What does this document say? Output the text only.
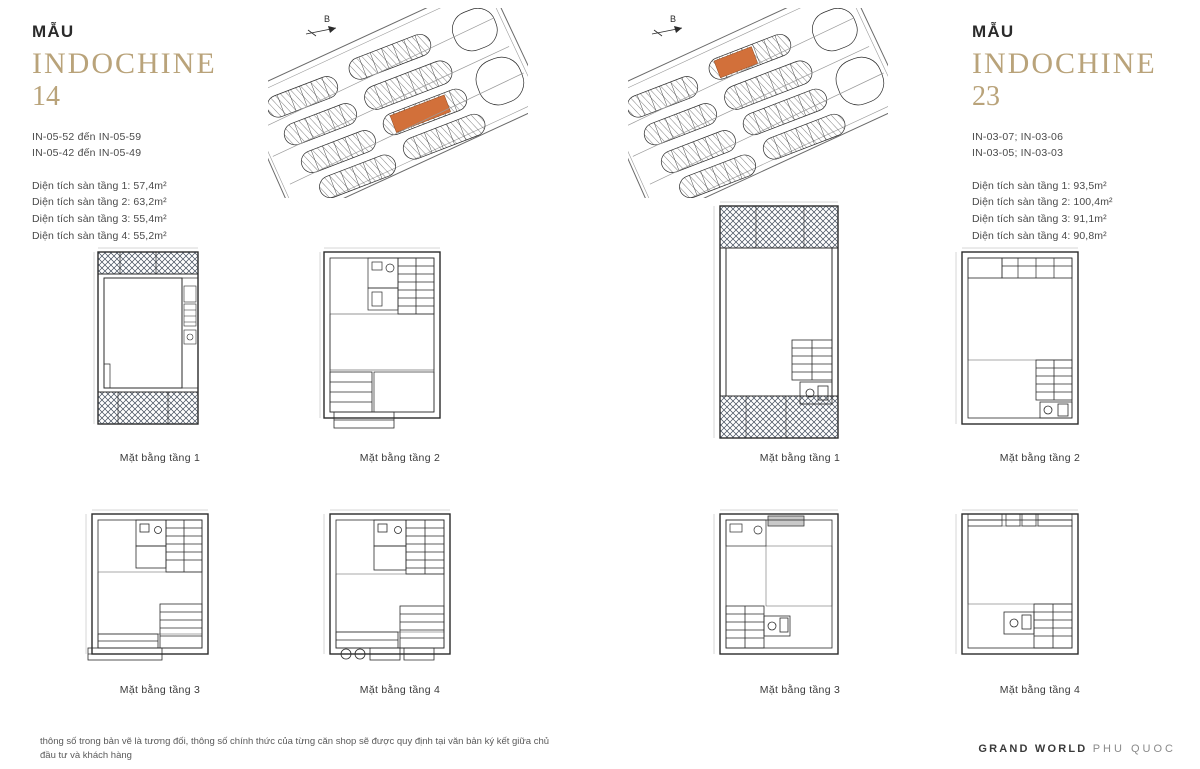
MẪU
INDOCHINE
14
IN-05-52 đến IN-05-59
IN-05-42 đến IN-05-49
Diện tích sàn tầng 1: 57,4m²
Diện tích sàn tầng 2: 63,2m²
Diện tích sàn tầng 3: 55,4m²
Diện tích sàn tầng 4: 55,2m²
MẪU
INDOCHINE
23
IN-03-07; IN-03-06
IN-03-05; IN-03-03
Diện tích sàn tầng 1: 93,5m²
Diện tích sàn tầng 2: 100,4m²
Diện tích sàn tầng 3: 91,1m²
Diện tích sàn tầng 4: 90,8m²
B	B
Mặt bằng tầng 1	Mặt bằng tầng 2
Mặt bằng tầng 3	Mặt bằng tầng 4
Mặt bằng tầng 1	Mặt bằng tầng 2
Mặt bằng tầng 3	Mặt bằng tầng 4
thông số trong bản vẽ là tương đối, thông số chính thức của từng căn shop sẽ được quy định tại văn bản ký kết giữa chủ đầu tư và khách hàng
GRAND WORLD PHU QUOC
